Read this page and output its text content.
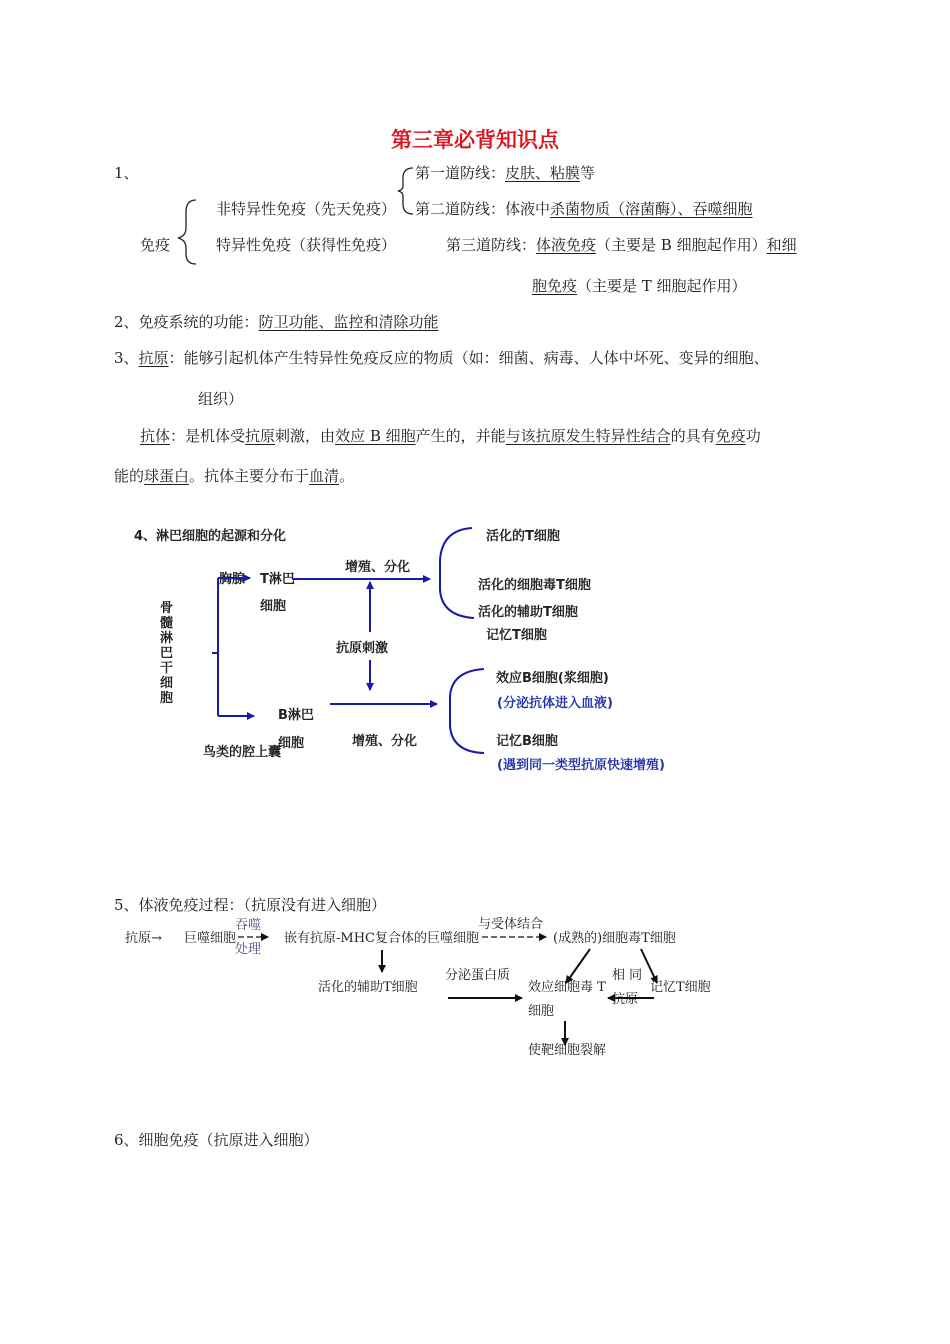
第三章必背知识点
1、	第一道防线：皮肤、粘膜等
非特异性免疫（先天免疫） 第二道防线：体液中杀菌物质（溶菌酶）、吞噬细胞
免疫	特异性免疫（获得性免疫）	第三道防线：体液免疫（主要是 B 细胞起作用）和细
胞免疫（主要是 T 细胞起作用）
2、免疫系统的功能：防卫功能、监控和清除功能
3、抗原：能够引起机体产生特异性免疫反应的物质（如：细菌、病毒、人体中坏死、变异的细胞、
组织）
抗体：是机体受抗原刺激，由效应 B 细胞产生的，并能与该抗原发生特异性结合的具有免疫功
能的球蛋白。抗体主要分布于血清。
4、淋巴细胞的起源和分化
骨髓淋巴干细胞
胸腺 T淋巴
细胞
增殖、分化
活化的T细胞
活化的细胞毒T细胞
活化的辅助T细胞
记忆T细胞
抗原刺激
B淋巴
细胞
鸟类的腔上囊
增殖、分化
效应B细胞(浆细胞)
(分泌抗体进入血液)
记忆B细胞
(遇到同一类型抗原快速增殖)
5、体液免疫过程：（抗原没有进入细胞）
抗原→ 巨噬细胞
吞噬
处理
嵌有抗原-MHC复合体的巨噬细胞
与受体结合
(成熟的)细胞毒T细胞
活化的辅助T细胞
分泌蛋白质
效应细胞毒 T
细胞
相 同
抗原
记忆T细胞
使靶细胞裂解
6、细胞免疫（抗原进入细胞）
